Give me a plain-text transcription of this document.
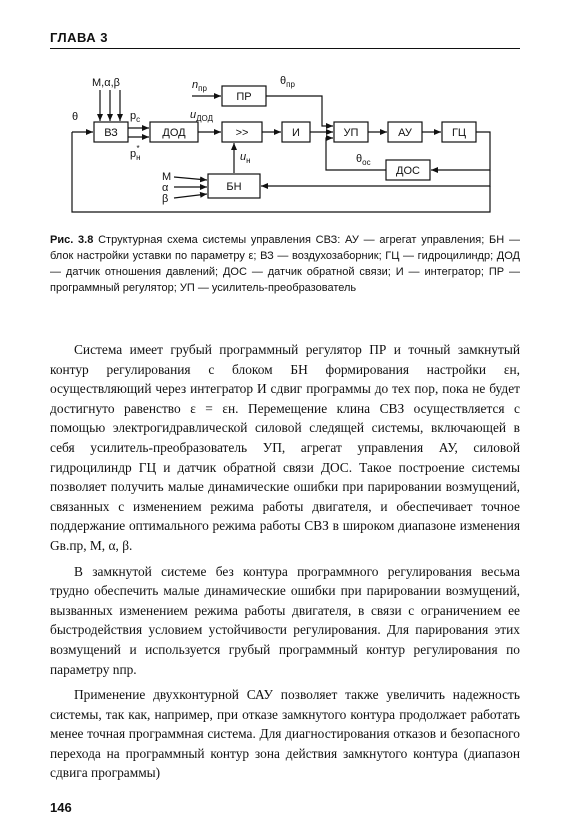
ГЛАВА 3
ВЗ	ДОД	>>	И	УП	АУ	ГЦ
ДОС
ПР
БН
M,α,β
θ	$p_c$
$p_н*$
$n_{пр}$
$u_{ДОД}$
$\theta_{пр}$
$\theta_{ос}$
$u_н$
M
α
β
Рис. 3.8 Структурная схема системы управления СВЗ: АУ — агрегат управления; БН — блок настройки уставки по параметру ε; ВЗ — воздухозаборник; ГЦ — гидроцилиндр; ДОД — датчик отношения давлений; ДОС — датчик обратной связи; И — интегратор; ПР — программный регулятор; УП — усилитель-преобразователь

Система имеет грубый программный регулятор ПР и точный замкнутый контур регулирования с блоком БН формирования настройки εн, осуществляющий через интегратор И сдвиг программы до тех пор, пока не будет достигнуто равенство ε = εн. Перемещение клина СВЗ осуществляется с помощью электрогидравлической силовой следящей системы, включающей в себя усилитель-преобразователь УП, агрегат управления АУ, силовой гидроцилиндр ГЦ и датчик обратной связи ДОС. Такое построение системы позволяет получить малые динамические ошибки при парировании возмущений, связанных с изменением режима работы двигателя, и обеспечивает точное поддержание оптимального режима работы СВЗ в широком диапазоне изменения Gв.пр, M, α, β.

В замкнутой системе без контура программного регулирования весьма трудно обеспечить малые динамические ошибки при парировании возмущений, вызванных изменением режима работы двигателя, в связи с ограничением ее быстродействия условием устойчивости регулирования. Для парирования этих возмущений и используется грубый программный контур регулирования по параметру nпр.

Применение двухконтурной САУ позволяет также увеличить надежность системы, так как, например, при отказе замкнутого контура продолжает работать менее точная программная система. Для диагностирования отказов и безопасного перехода на программный контур зона действия замкнутого контура (диапазон сдвига программы)

146
